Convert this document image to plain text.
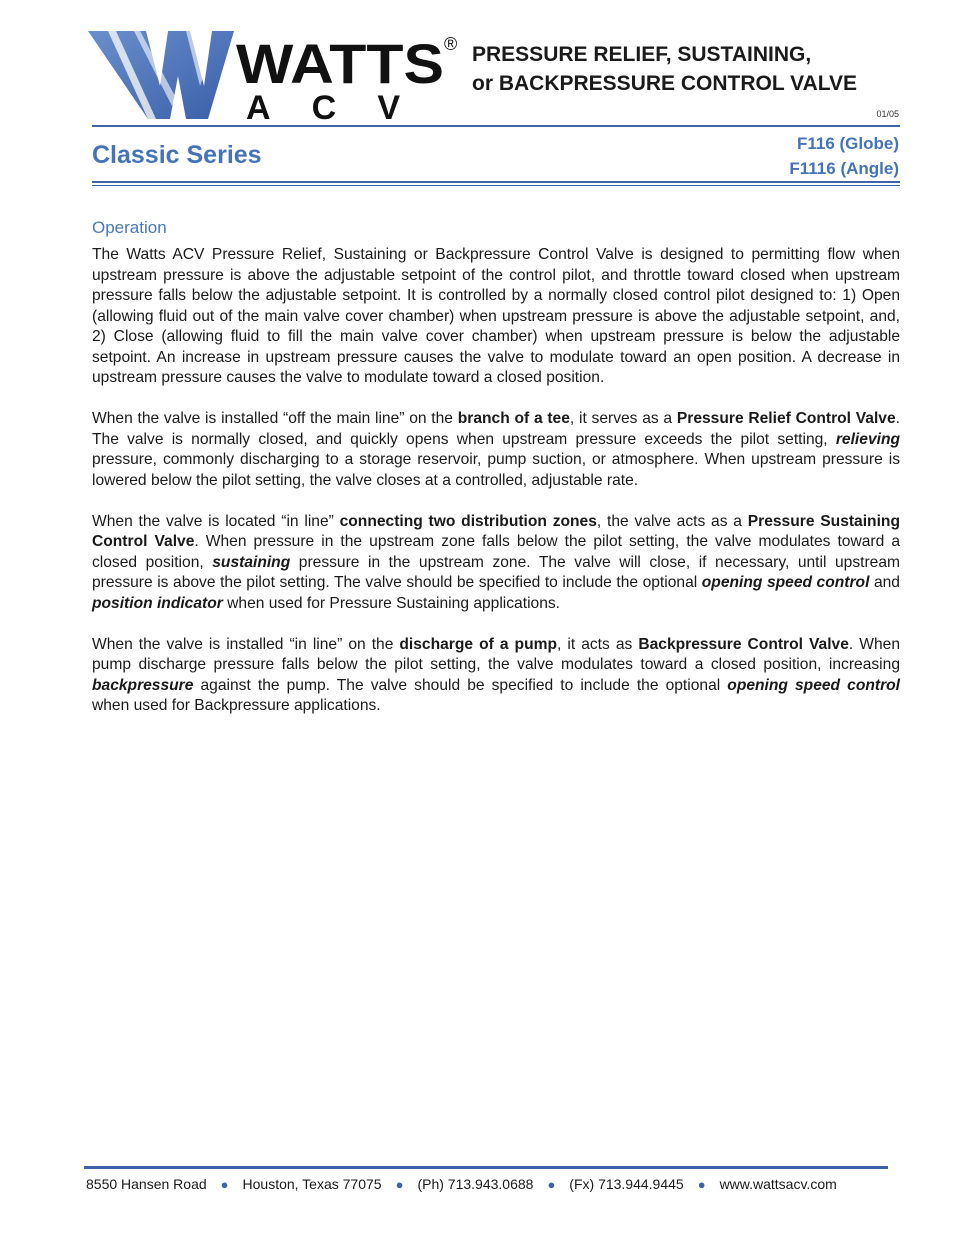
WATTS
ACV
® PRESSURE RELIEF, SUSTAINING,
or BACKPRESSURE CONTROL VALVE
01/05
Classic Series	F116 (Globe)
F1116 (Angle)
Operation

The Watts ACV Pressure Relief, Sustaining or Backpressure Control Valve is designed to permitting flow when upstream pressure is above the adjustable setpoint of the control pilot, and throttle toward closed when upstream pressure falls below the adjustable setpoint. It is controlled by a normally closed control pilot designed to: 1) Open (allowing fluid out of the main valve cover chamber) when upstream pressure is above the adjustable setpoint, and, 2) Close (allowing fluid to fill the main valve cover chamber) when upstream pressure is below the adjustable setpoint. An increase in upstream pressure causes the valve to modulate toward an open position. A decrease in upstream pressure causes the valve to modulate toward a closed position.

When the valve is installed “off the main line” on the branch of a tee, it serves as a Pressure Relief Control Valve. The valve is normally closed, and quickly opens when upstream pressure exceeds the pilot setting, relieving pressure, commonly discharging to a storage reservoir, pump suction, or atmosphere. When upstream pressure is lowered below the pilot setting, the valve closes at a controlled, adjustable rate.

When the valve is located “in line” connecting two distribution zones, the valve acts as a Pressure Sustaining Control Valve. When pressure in the upstream zone falls below the pilot setting, the valve modulates toward a closed position, sustaining pressure in the upstream zone. The valve will close, if necessary, until upstream pressure is above the pilot setting. The valve should be specified to include the optional opening speed control and position indicator when used for Pressure Sustaining applications.

When the valve is installed “in line” on the discharge of a pump, it acts as Backpressure Control Valve. When pump discharge pressure falls below the pilot setting, the valve modulates toward a closed position, increasing backpressure against the pump. The valve should be specified to include the optional opening speed control when used for Backpressure applications.

8550 Hansen Road ● Houston, Texas 77075 ● (Ph) 713.943.0688 ● (Fx) 713.944.9445 ● www.wattsacv.com
